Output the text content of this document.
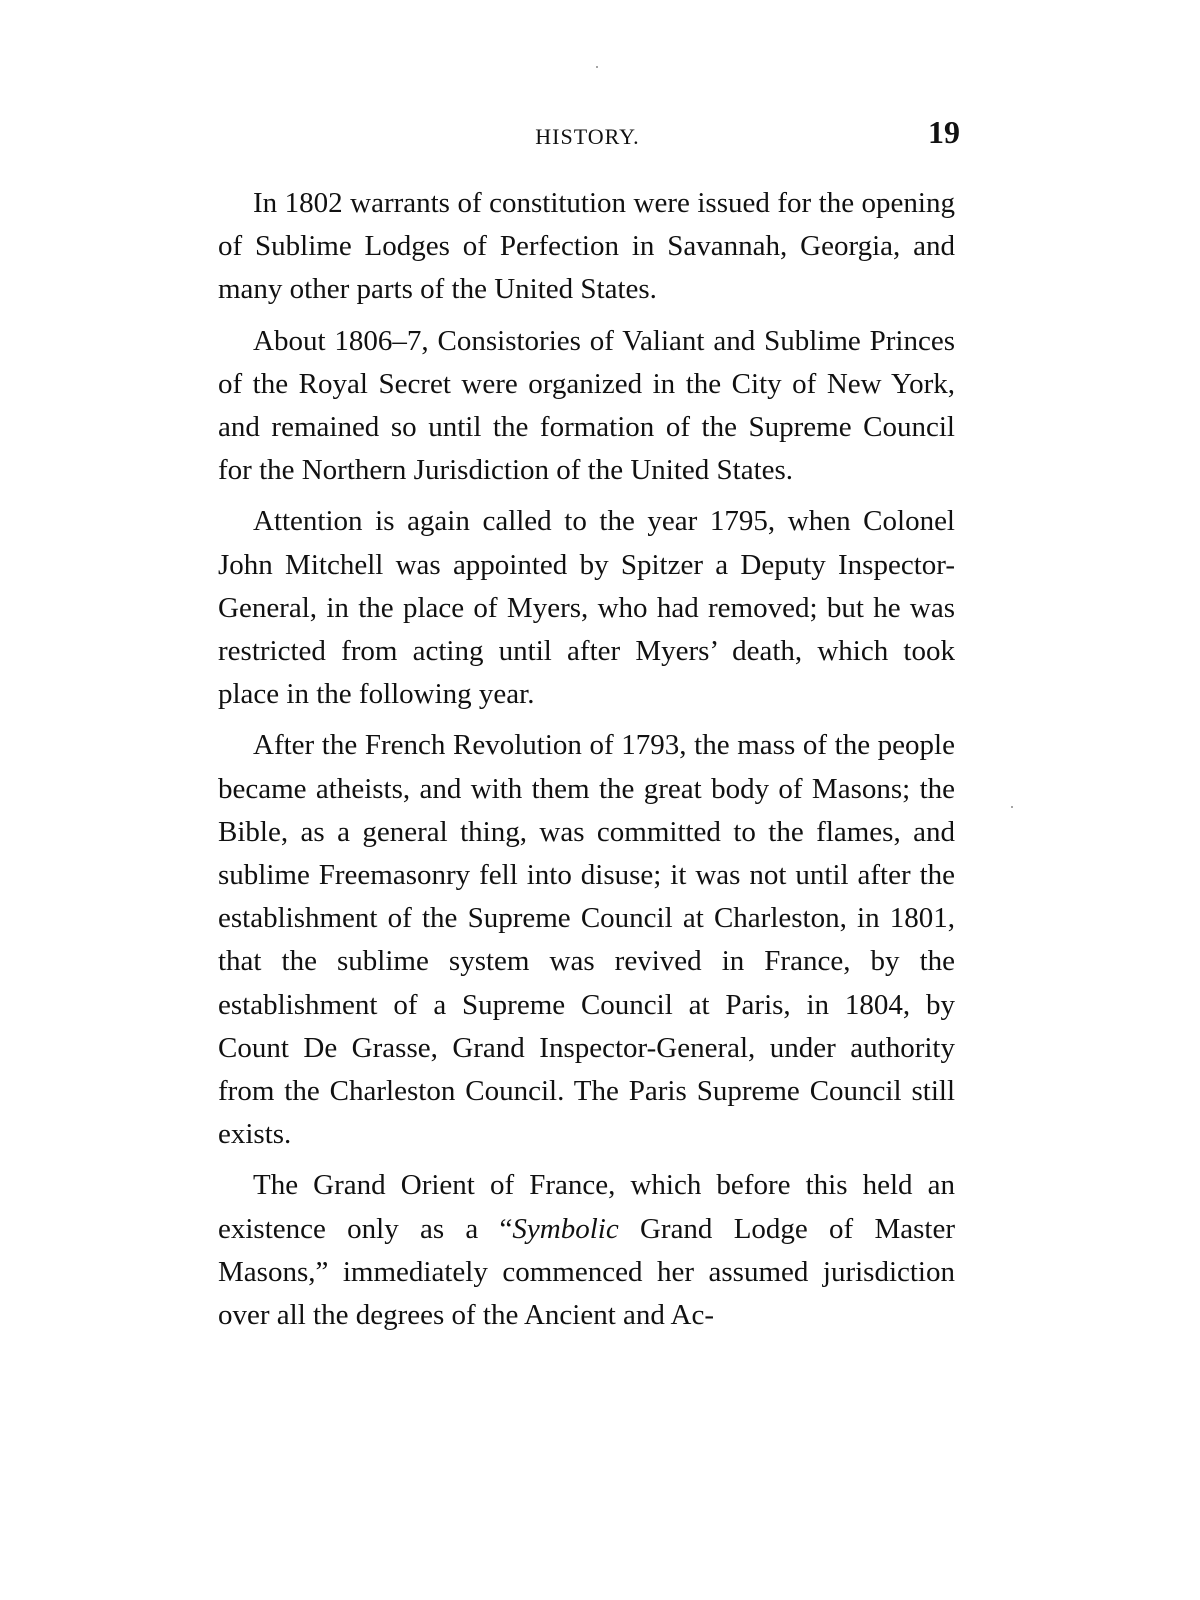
HISTORY.	19

In 1802 warrants of constitution were issued for the opening of Sublime Lodges of Perfection in Savannah, Georgia, and many other parts of the United States.

About 1806–7, Consistories of Valiant and Sublime Princes of the Royal Secret were organized in the City of New York, and remained so until the formation of the Supreme Council for the Northern Jurisdiction of the United States.

Attention is again called to the year 1795, when Colonel John Mitchell was appointed by Spitzer a Deputy Inspector-General, in the place of Myers, who had removed; but he was restricted from acting until after Myers’ death, which took place in the following year.

After the French Revolution of 1793, the mass of the people became atheists, and with them the great body of Masons; the Bible, as a general thing, was committed to the flames, and sublime Freemasonry fell into disuse; it was not until after the establishment of the Supreme Council at Charleston, in 1801, that the sublime system was revived in France, by the establishment of a Supreme Council at Paris, in 1804, by Count De Grasse, Grand Inspector-General, under authority from the Charleston Council. The Paris Supreme Council still exists.

The Grand Orient of France, which before this held an existence only as a “Symbolic Grand Lodge of Master Masons,” immediately commenced her assumed jurisdiction over all the degrees of the Ancient and Ac-
